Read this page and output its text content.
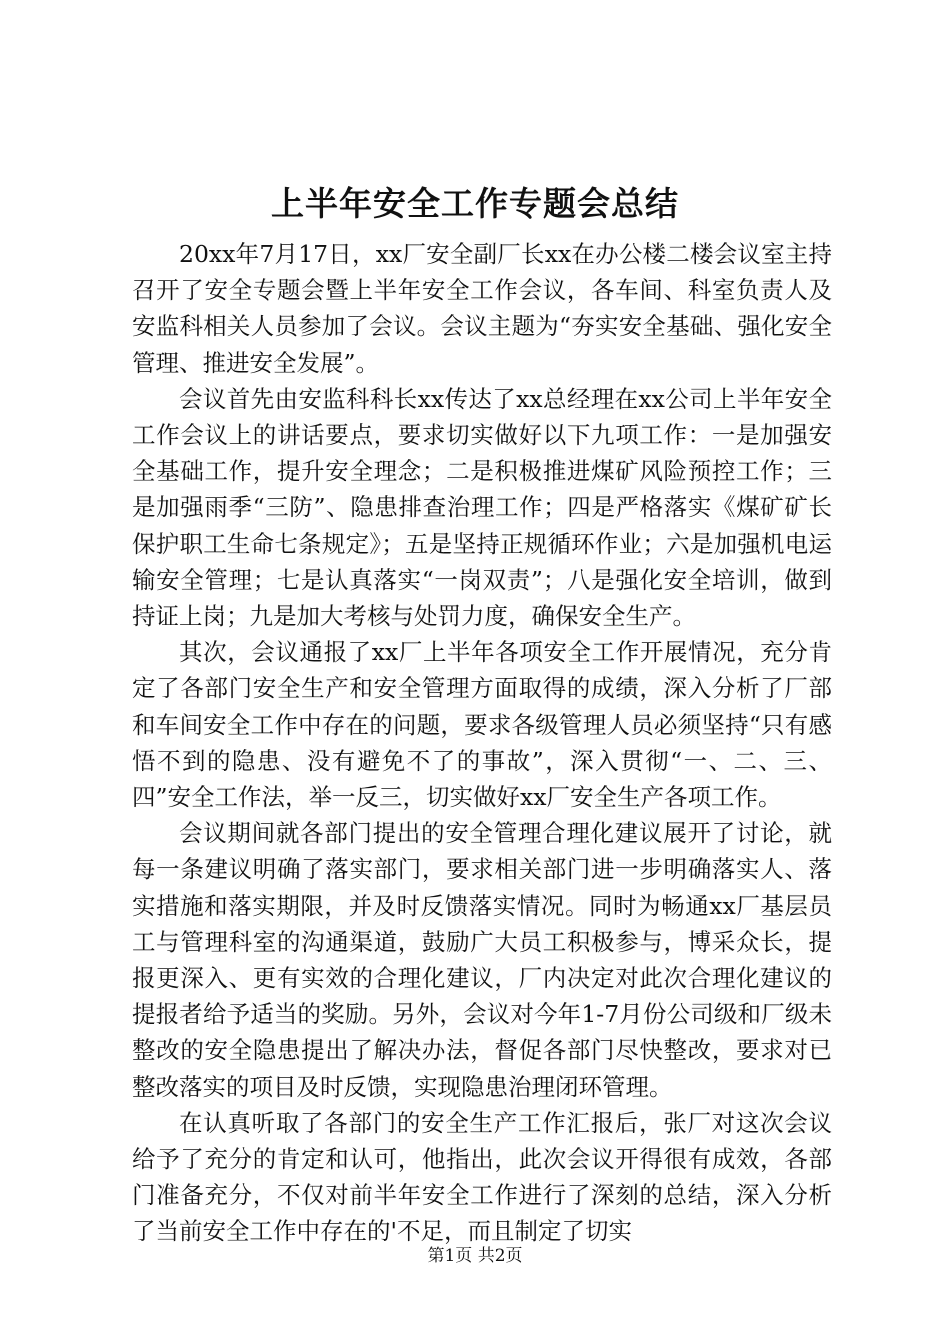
上半年安全工作专题会总结

20xx年7月17日，xx厂安全副厂长xx在办公楼二楼会议室主持召开了安全专题会暨上半年安全工作会议，各车间、科室负责人及安监科相关人员参加了会议。会议主题为“夯实安全基础、强化安全管理、推进安全发展”。

会议首先由安监科科长xx传达了xx总经理在xx公司上半年安全工作会议上的讲话要点，要求切实做好以下九项工作：一是加强安全基础工作，提升安全理念；二是积极推进煤矿风险预控工作；三是加强雨季“三防”、隐患排查治理工作；四是严格落实《煤矿矿长保护职工生命七条规定》；五是坚持正规循环作业；六是加强机电运输安全管理；七是认真落实“一岗双责”；八是强化安全培训，做到持证上岗；九是加大考核与处罚力度，确保安全生产。

其次，会议通报了xx厂上半年各项安全工作开展情况，充分肯定了各部门安全生产和安全管理方面取得的成绩，深入分析了厂部和车间安全工作中存在的问题，要求各级管理人员必须坚持“只有感悟不到的隐患、没有避免不了的事故”，深入贯彻“一、二、三、四”安全工作法，举一反三，切实做好xx厂安全生产各项工作。

会议期间就各部门提出的安全管理合理化建议展开了讨论，就每一条建议明确了落实部门，要求相关部门进一步明确落实人、落实措施和落实期限，并及时反馈落实情况。同时为畅通xx厂基层员工与管理科室的沟通渠道，鼓励广大员工积极参与，博采众长，提报更深入、更有实效的合理化建议，厂内决定对此次合理化建议的提报者给予适当的奖励。另外，会议对今年1-7月份公司级和厂级未整改的安全隐患提出了解决办法，督促各部门尽快整改，要求对已整改落实的项目及时反馈，实现隐患治理闭环管理。

在认真听取了各部门的安全生产工作汇报后，张厂对这次会议给予了充分的肯定和认可，他指出，此次会议开得很有成效，各部门准备充分，不仅对前半年安全工作进行了深刻的总结，深入分析了当前安全工作中存在的'不足，而且制定了切实

第1页 共2页
